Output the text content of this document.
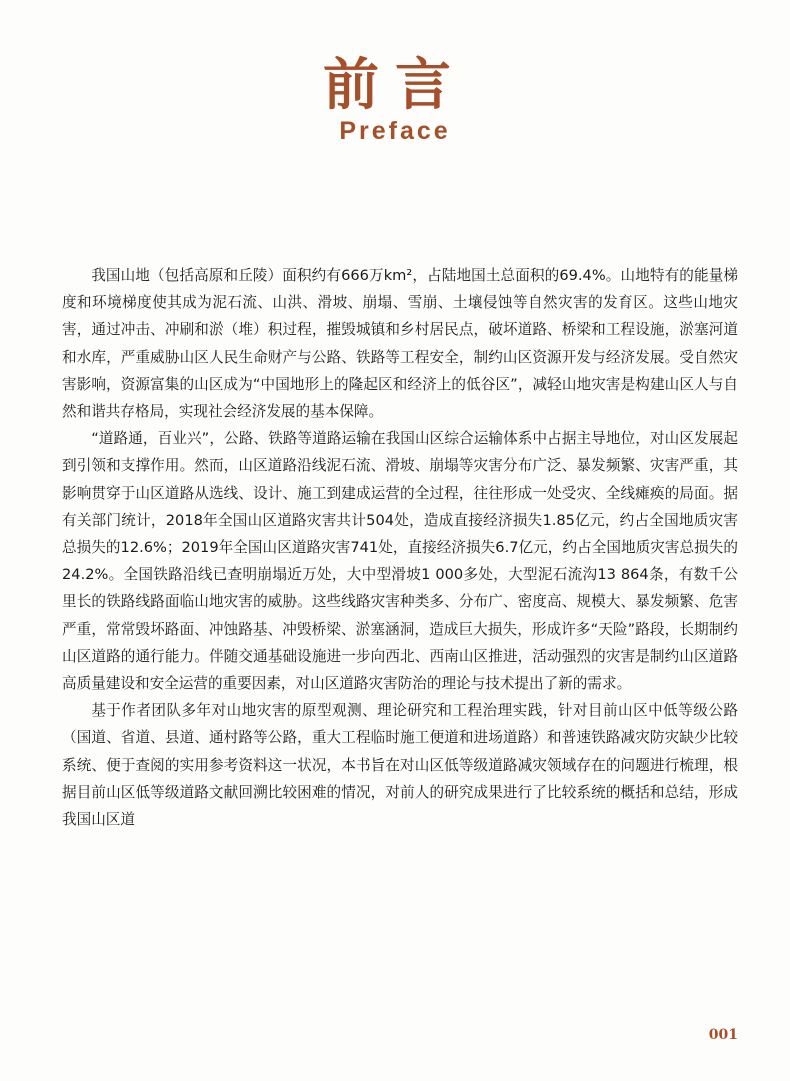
前言
Preface

我国山地（包括高原和丘陵）面积约有666万km²，占陆地国土总面积的69.4%。山地特有的能量梯度和环境梯度使其成为泥石流、山洪、滑坡、崩塌、雪崩、土壤侵蚀等自然灾害的发育区。这些山地灾害，通过冲击、冲刷和淤（堆）积过程，摧毁城镇和乡村居民点，破坏道路、桥梁和工程设施，淤塞河道和水库，严重威胁山区人民生命财产与公路、铁路等工程安全，制约山区资源开发与经济发展。受自然灾害影响，资源富集的山区成为“中国地形上的隆起区和经济上的低谷区”，减轻山地灾害是构建山区人与自然和谐共存格局，实现社会经济发展的基本保障。

“道路通，百业兴”，公路、铁路等道路运输在我国山区综合运输体系中占据主导地位，对山区发展起到引领和支撑作用。然而，山区道路沿线泥石流、滑坡、崩塌等灾害分布广泛、暴发频繁、灾害严重，其影响贯穿于山区道路从选线、设计、施工到建成运营的全过程，往往形成一处受灾、全线瘫痪的局面。据有关部门统计，2018年全国山区道路灾害共计504处，造成直接经济损失1.85亿元，约占全国地质灾害总损失的12.6%；2019年全国山区道路灾害741处，直接经济损失6.7亿元，约占全国地质灾害总损失的24.2%。全国铁路沿线已查明崩塌近万处，大中型滑坡1 000多处，大型泥石流沟13 864条，有数千公里长的铁路线路面临山地灾害的威胁。这些线路灾害种类多、分布广、密度高、规模大、暴发频繁、危害严重，常常毁坏路面、冲蚀路基、冲毁桥梁、淤塞涵洞，造成巨大损失，形成许多“天险”路段，长期制约山区道路的通行能力。伴随交通基础设施进一步向西北、西南山区推进，活动强烈的灾害是制约山区道路高质量建设和安全运营的重要因素，对山区道路灾害防治的理论与技术提出了新的需求。

基于作者团队多年对山地灾害的原型观测、理论研究和工程治理实践，针对目前山区中低等级公路（国道、省道、县道、通村路等公路，重大工程临时施工便道和进场道路）和普速铁路减灾防灾缺少比较系统、便于查阅的实用参考资料这一状况，本书旨在对山区低等级道路减灾领域存在的问题进行梳理，根据目前山区低等级道路文献回溯比较困难的情况，对前人的研究成果进行了比较系统的概括和总结，形成我国山区道

001
